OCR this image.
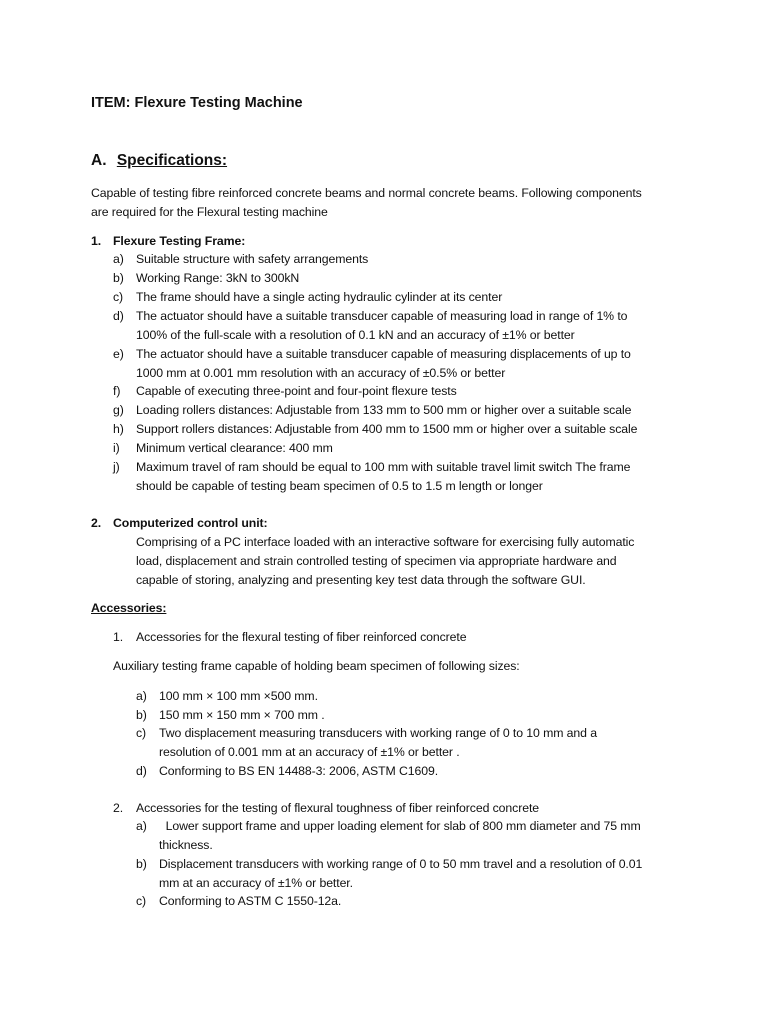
ITEM: Flexure Testing Machine
A. Specifications:
Capable of testing fibre reinforced concrete beams and normal concrete beams. Following components
are required for the Flexural testing machine
1. Flexure Testing Frame:
a) Suitable structure with safety arrangements
b) Working Range: 3kN to 300kN
c) The frame should have a single acting hydraulic cylinder at its center
d) The actuator should have a suitable transducer capable of measuring load in range of 1% to
100% of the full-scale with a resolution of 0.1 kN and an accuracy of ±1% or better
e) The actuator should have a suitable transducer capable of measuring displacements of up to
1000 mm at 0.001 mm resolution with an accuracy of ±0.5% or better
f) Capable of executing three-point and four-point flexure tests
g) Loading rollers distances: Adjustable from 133 mm to 500 mm or higher over a suitable scale
h) Support rollers distances: Adjustable from 400 mm to 1500 mm or higher over a suitable scale
i) Minimum vertical clearance: 400 mm
j) Maximum travel of ram should be equal to 100 mm with suitable travel limit switch The frame
should be capable of testing beam specimen of 0.5 to 1.5 m length or longer
2. Computerized control unit:
Comprising of a PC interface loaded with an interactive software for exercising fully automatic
load, displacement and strain controlled testing of specimen via appropriate hardware and
capable of storing, analyzing and presenting key test data through the software GUI.
Accessories:
1. Accessories for the flexural testing of fiber reinforced concrete
Auxiliary testing frame capable of holding beam specimen of following sizes:
a) 100 mm × 100 mm ×500 mm.
b) 150 mm × 150 mm × 700 mm .
c) Two displacement measuring transducers with working range of 0 to 10 mm and a
resolution of 0.001 mm at an accuracy of ±1% or better .
d) Conforming to BS EN 14488-3: 2006, ASTM C1609.
2. Accessories for the testing of flexural toughness of fiber reinforced concrete
a) Lower support frame and upper loading element for slab of 800 mm diameter and 75 mm
thickness.
b) Displacement transducers with working range of 0 to 50 mm travel and a resolution of 0.01
mm at an accuracy of ±1% or better.
c) Conforming to ASTM C 1550-12a.
